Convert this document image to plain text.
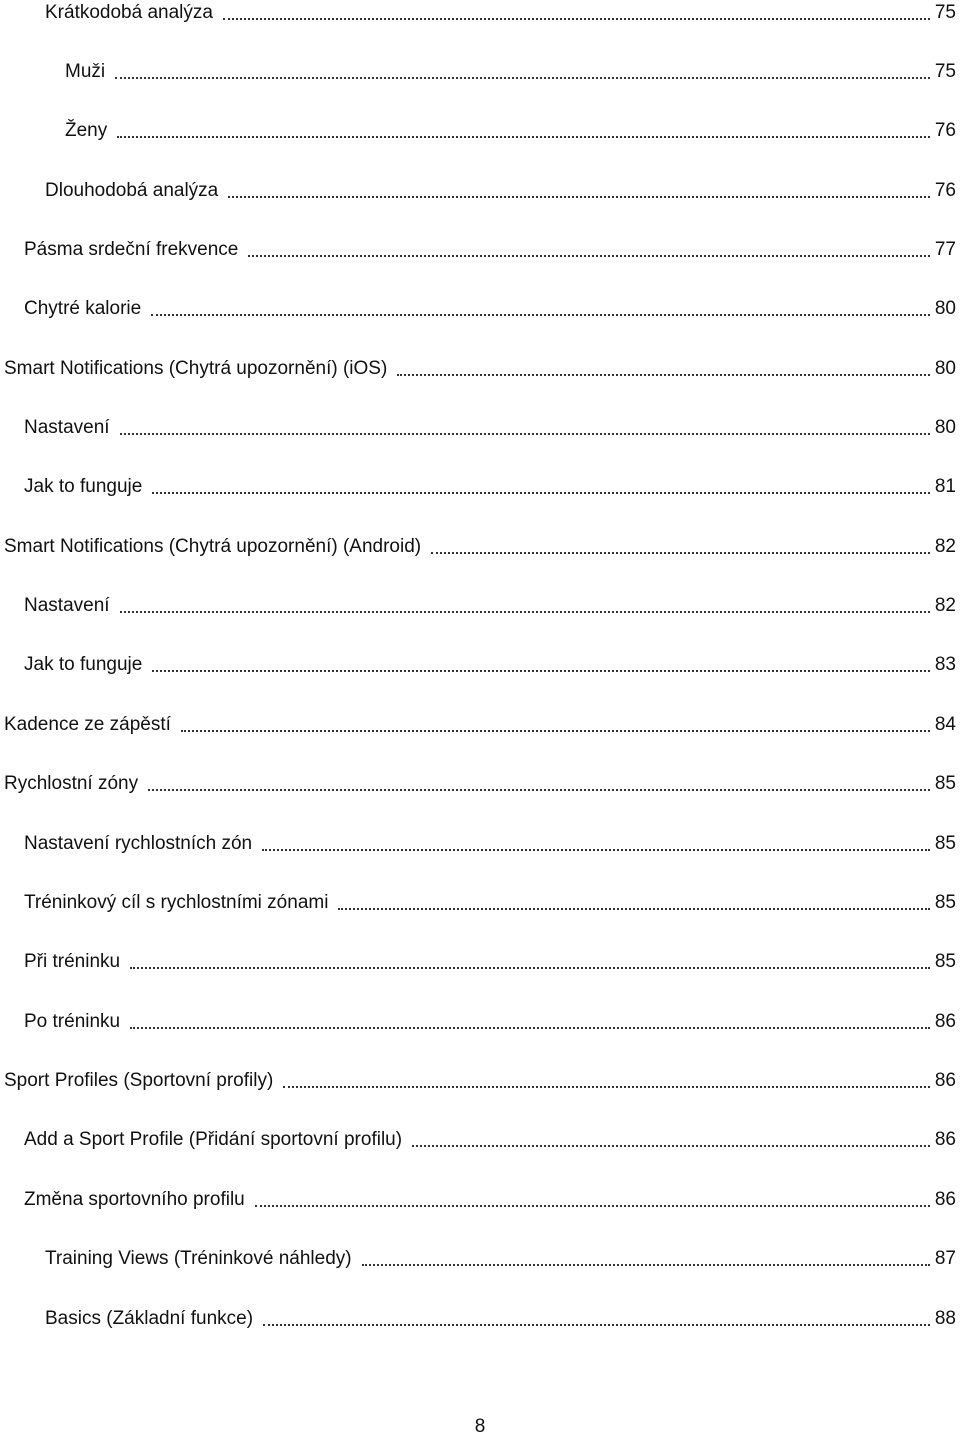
Krátkodobá analýza	75
Muži	75
Ženy	76
Dlouhodobá analýza	76
Pásma srdeční frekvence	77
Chytré kalorie	80
Smart Notifications (Chytrá upozornění) (iOS)	80
Nastavení	80
Jak to funguje	81
Smart Notifications (Chytrá upozornění) (Android)	82
Nastavení	82
Jak to funguje	83
Kadence ze zápěstí	84
Rychlostní zóny	85
Nastavení rychlostních zón	85
Tréninkový cíl s rychlostními zónami	85
Při tréninku	85
Po tréninku	86
Sport Profiles (Sportovní profily)	86
Add a Sport Profile (Přidání sportovní profilu)	86
Změna sportovního profilu	86
Training Views (Tréninkové náhledy)	87
Basics (Základní funkce)	88
8
